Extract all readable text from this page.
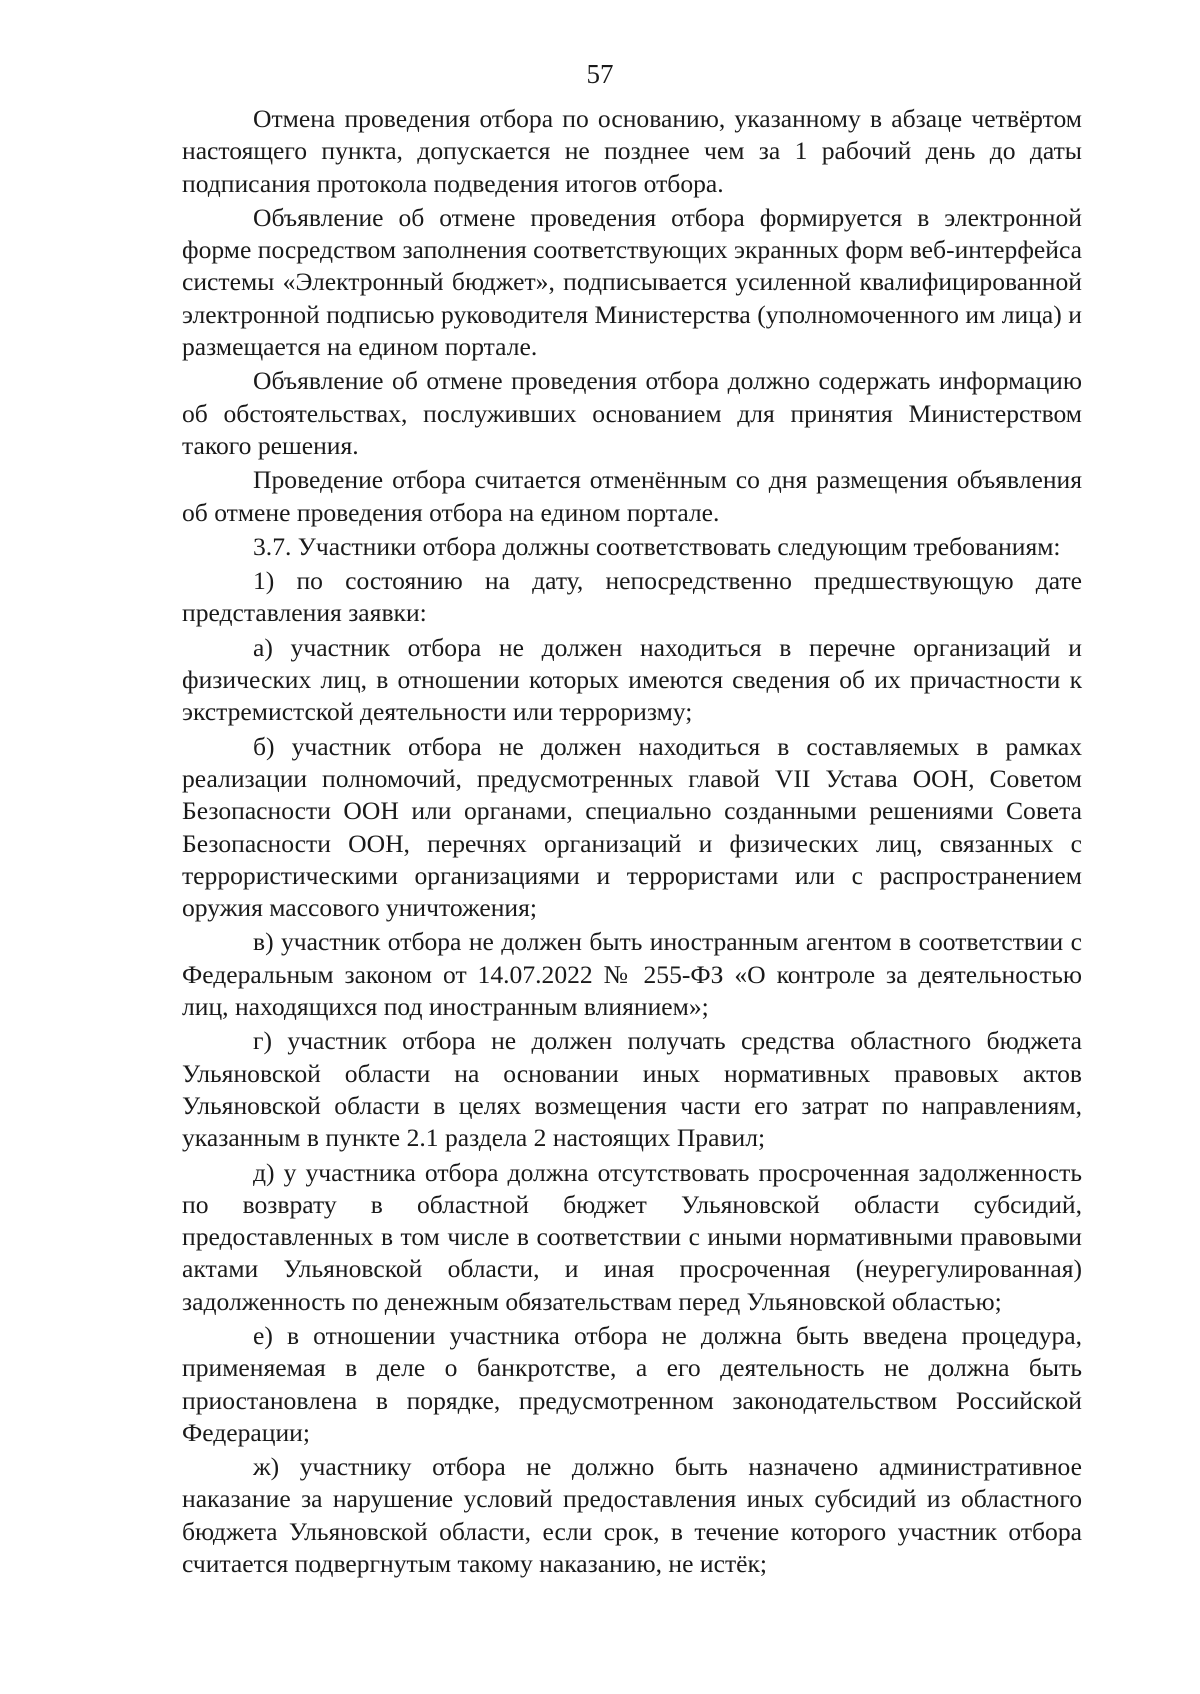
57

Отмена проведения отбора по основанию, указанному в абзаце четвёртом настоящего пункта, допускается не позднее чем за 1 рабочий день до даты подписания протокола подведения итогов отбора.

Объявление об отмене проведения отбора формируется в электронной форме посредством заполнения соответствующих экранных форм веб-интерфейса системы «Электронный бюджет», подписывается усиленной квалифицированной электронной подписью руководителя Министерства (уполномоченного им лица) и размещается на едином портале.

Объявление об отмене проведения отбора должно содержать информацию об обстоятельствах, послуживших основанием для принятия Министерством такого решения.

Проведение отбора считается отменённым со дня размещения объявления об отмене проведения отбора на едином портале.

3.7. Участники отбора должны соответствовать следующим требованиям:

1) по состоянию на дату, непосредственно предшествующую дате представления заявки:

а) участник отбора не должен находиться в перечне организаций и физических лиц, в отношении которых имеются сведения об их причастности к экстремистской деятельности или терроризму;

б) участник отбора не должен находиться в составляемых в рамках реализации полномочий, предусмотренных главой VII Устава ООН, Советом Безопасности ООН или органами, специально созданными решениями Совета Безопасности ООН, перечнях организаций и физических лиц, связанных с террористическими организациями и террористами или с распространением оружия массового уничтожения;

в) участник отбора не должен быть иностранным агентом в соответствии с Федеральным законом от 14.07.2022 № 255-ФЗ «О контроле за деятельностью лиц, находящихся под иностранным влиянием»;

г) участник отбора не должен получать средства областного бюджета Ульяновской области на основании иных нормативных правовых актов Ульяновской области в целях возмещения части его затрат по направлениям, указанным в пункте 2.1 раздела 2 настоящих Правил;

д) у участника отбора должна отсутствовать просроченная задолженность по возврату в областной бюджет Ульяновской области субсидий, предоставленных в том числе в соответствии с иными нормативными правовыми актами Ульяновской области, и иная просроченная (неурегулированная) задолженность по денежным обязательствам перед Ульяновской областью;

е) в отношении участника отбора не должна быть введена процедура, применяемая в деле о банкротстве, а его деятельность не должна быть приостановлена в порядке, предусмотренном законодательством Российской Федерации;

ж) участнику отбора не должно быть назначено административное наказание за нарушение условий предоставления иных субсидий из областного бюджета Ульяновской области, если срок, в течение которого участник отбора считается подвергнутым такому наказанию, не истёк;
